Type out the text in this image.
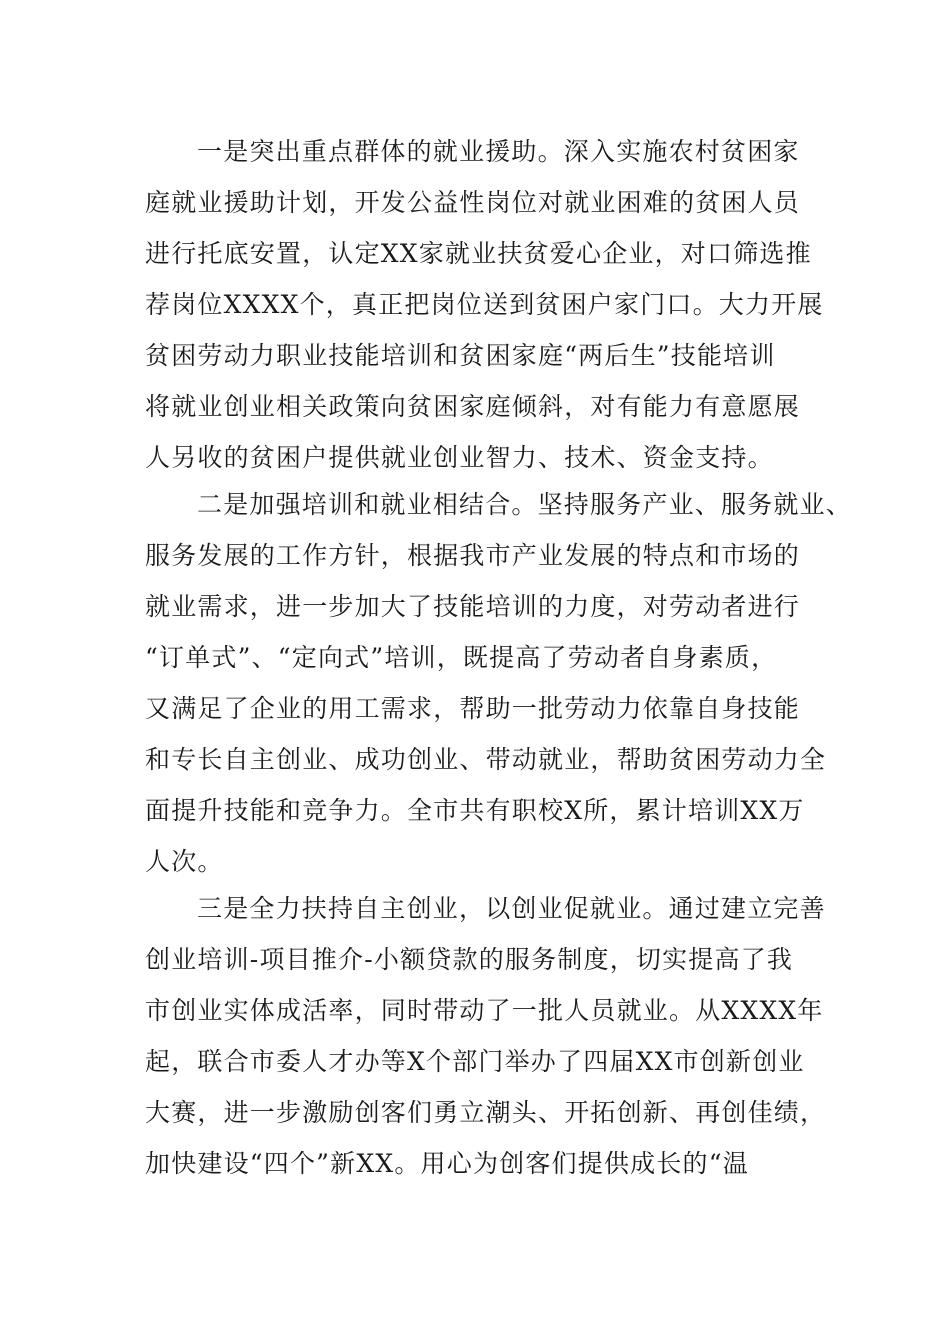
一是突出重点群体的就业援助。深入实施农村贫困家
庭就业援助计划，开发公益性岗位对就业困难的贫困人员
进行托底安置，认定XX家就业扶贫爱心企业，对口筛选推
荐岗位XXXX个，真正把岗位送到贫困户家门口。大力开展
贫困劳动力职业技能培训和贫困家庭“两后生”技能培训
将就业创业相关政策向贫困家庭倾斜，对有能力有意愿展
人另收的贫困户提供就业创业智力、技术、资金支持。
二是加强培训和就业相结合。坚持服务产业、服务就业、
服务发展的工作方针，根据我市产业发展的特点和市场的
就业需求，进一步加大了技能培训的力度，对劳动者进行
“订单式”、“定向式”培训，既提高了劳动者自身素质，
又满足了企业的用工需求，帮助一批劳动力依靠自身技能
和专长自主创业、成功创业、带动就业，帮助贫困劳动力全
面提升技能和竞争力。全市共有职校X所，累计培训XX万
人次。
三是全力扶持自主创业，以创业促就业。通过建立完善
创业培训-项目推介-小额贷款的服务制度，切实提高了我
市创业实体成活率，同时带动了一批人员就业。从XXXX年
起，联合市委人才办等X个部门举办了四届XX市创新创业
大赛，进一步激励创客们勇立潮头、开拓创新、再创佳绩，
加快建设“四个”新XX。用心为创客们提供成长的“温
